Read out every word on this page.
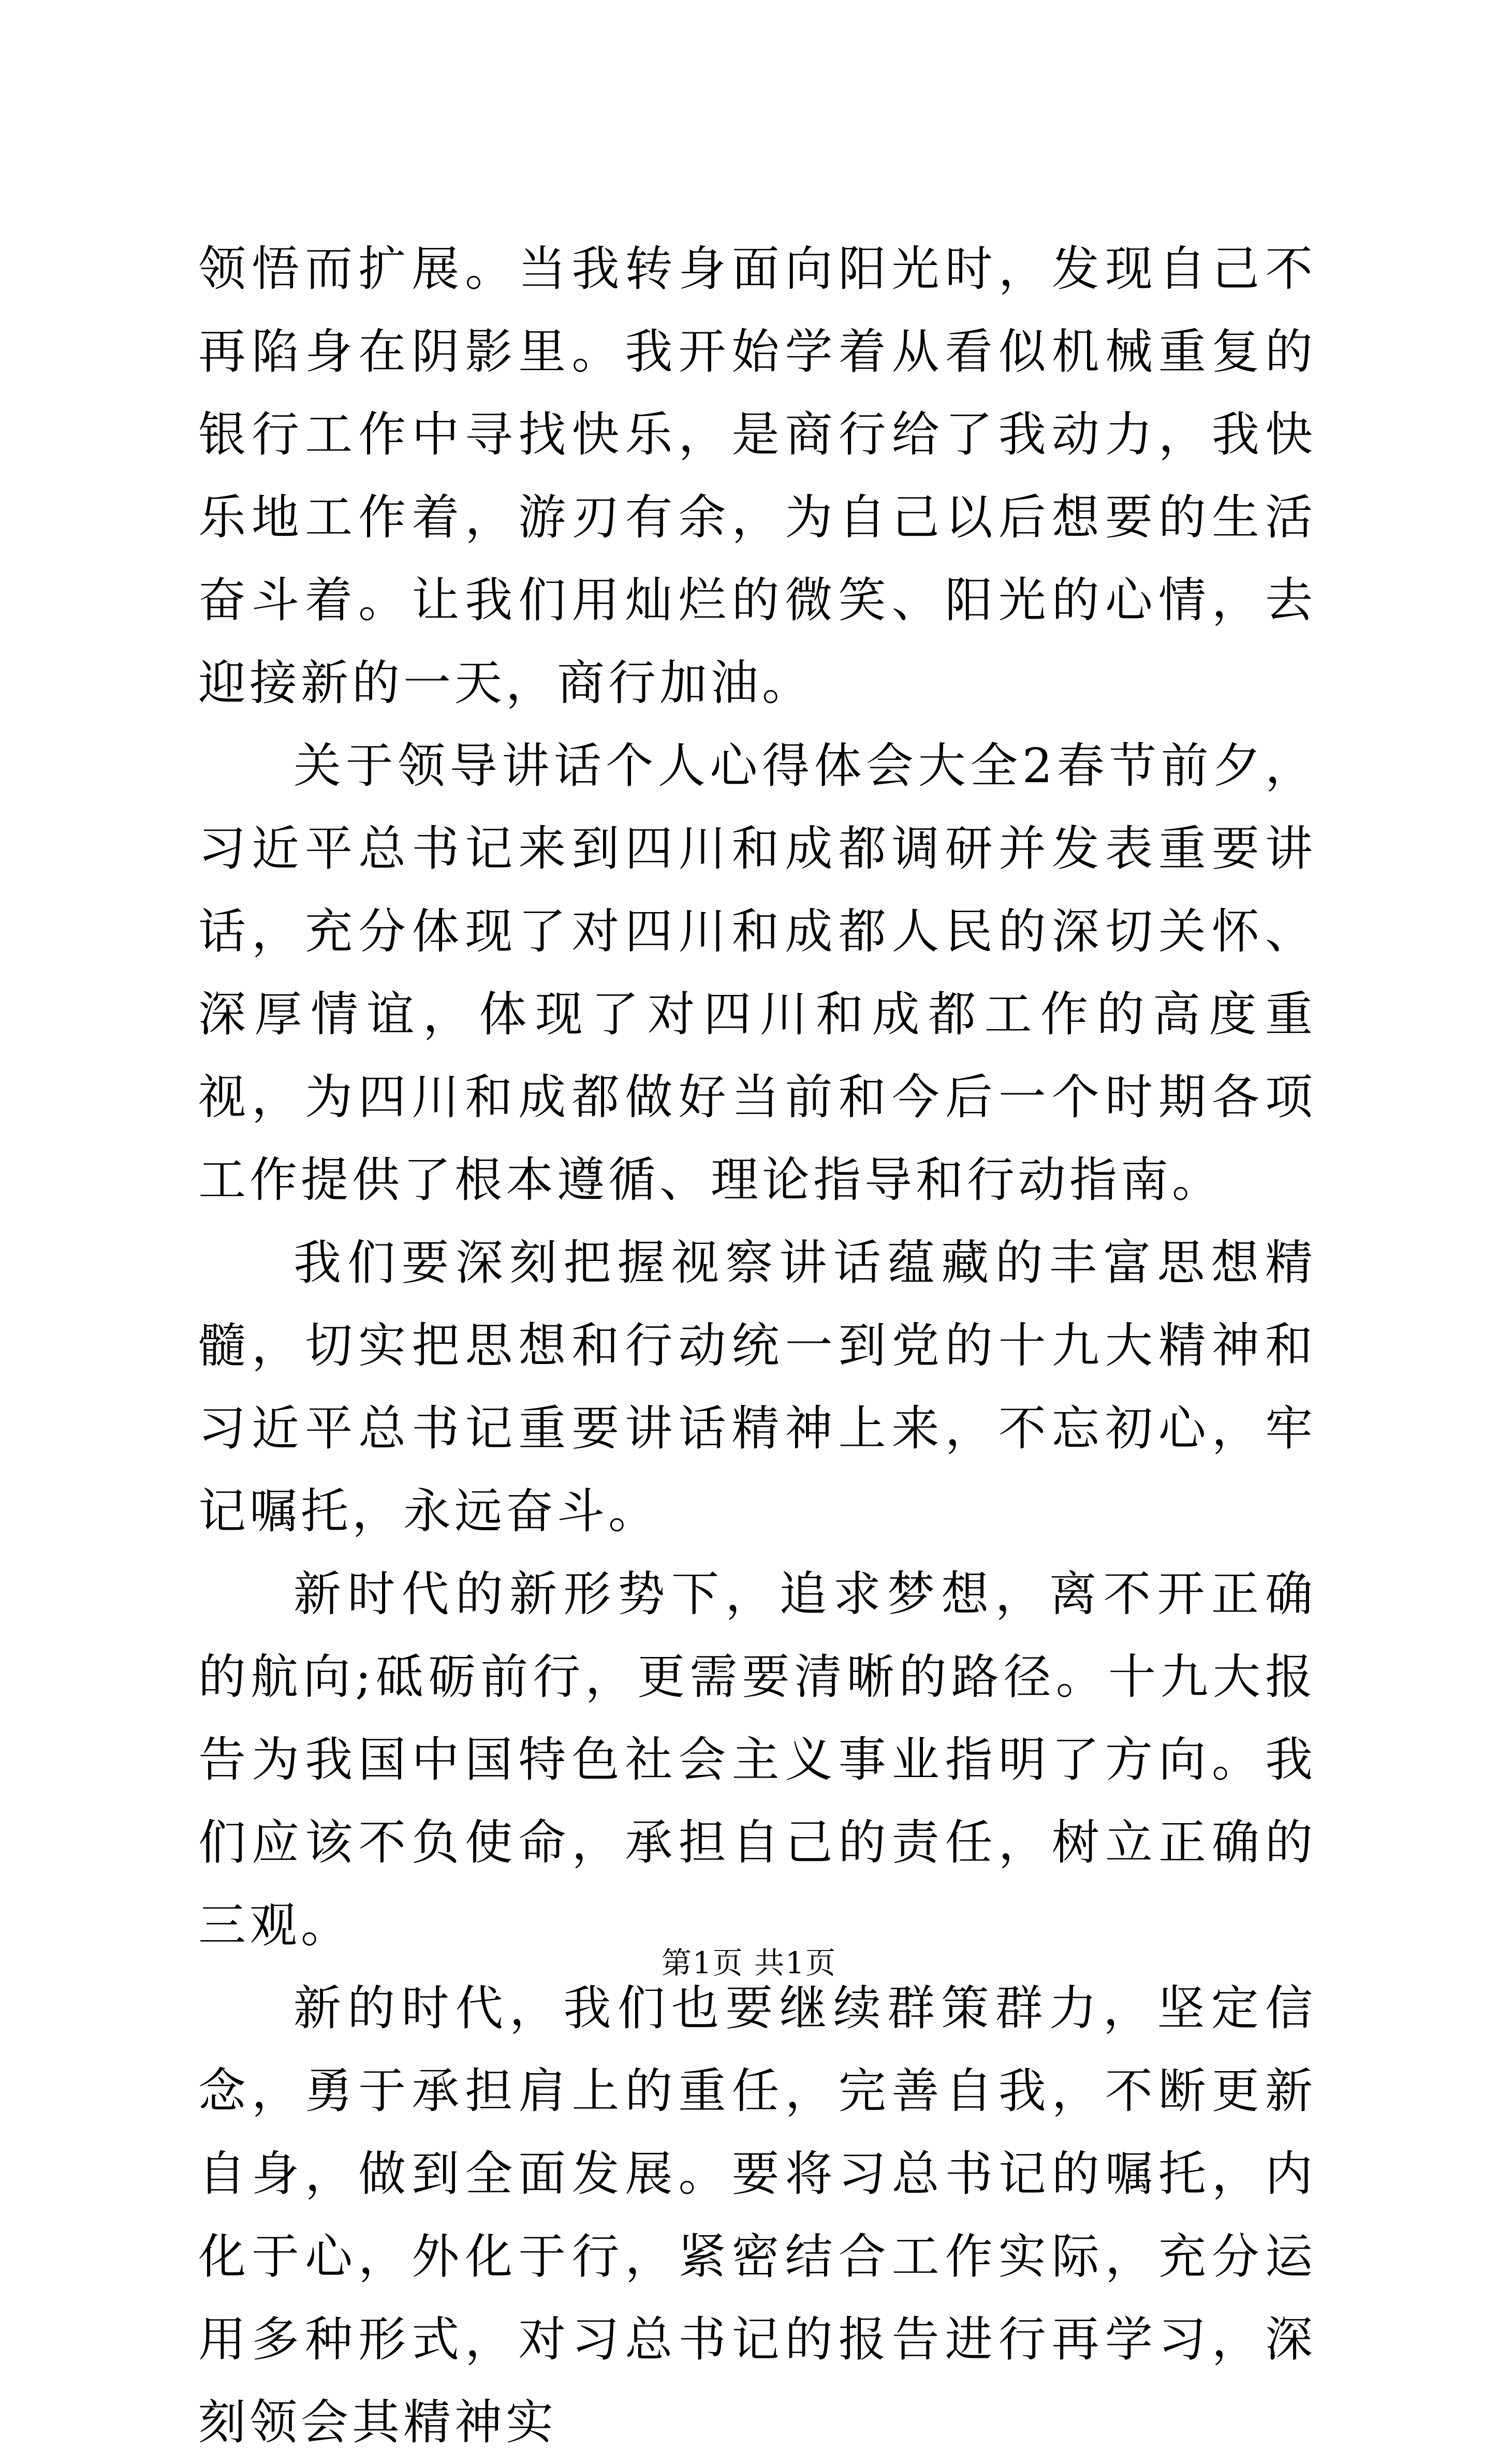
领悟而扩展。当我转身面向阳光时，发现自己不再陷身在阴影里。我开始学着从看似机械重复的银行工作中寻找快乐，是商行给了我动力，我快乐地工作着，游刃有余，为自己以后想要的生活奋斗着。让我们用灿烂的微笑、阳光的心情，去迎接新的一天，商行加油。

关于领导讲话个人心得体会大全2春节前夕，习近平总书记来到四川和成都调研并发表重要讲话，充分体现了对四川和成都人民的深切关怀、深厚情谊，体现了对四川和成都工作的高度重视，为四川和成都做好当前和今后一个时期各项工作提供了根本遵循、理论指导和行动指南。

我们要深刻把握视察讲话蕴藏的丰富思想精髓，切实把思想和行动统一到党的十九大精神和习近平总书记重要讲话精神上来，不忘初心，牢记嘱托，永远奋斗。

新时代的新形势下，追求梦想，离不开正确的航向;砥砺前行，更需要清晰的路径。十九大报告为我国中国特色社会主义事业指明了方向。我们应该不负使命，承担自己的责任，树立正确的三观。

新的时代，我们也要继续群策群力，坚定信念，勇于承担肩上的重任，完善自我，不断更新自身，做到全面发展。要将习总书记的嘱托，内化于心，外化于行，紧密结合工作实际，充分运用多种形式，对习总书记的报告进行再学习，深刻领会其精神实

第1页 共1页
